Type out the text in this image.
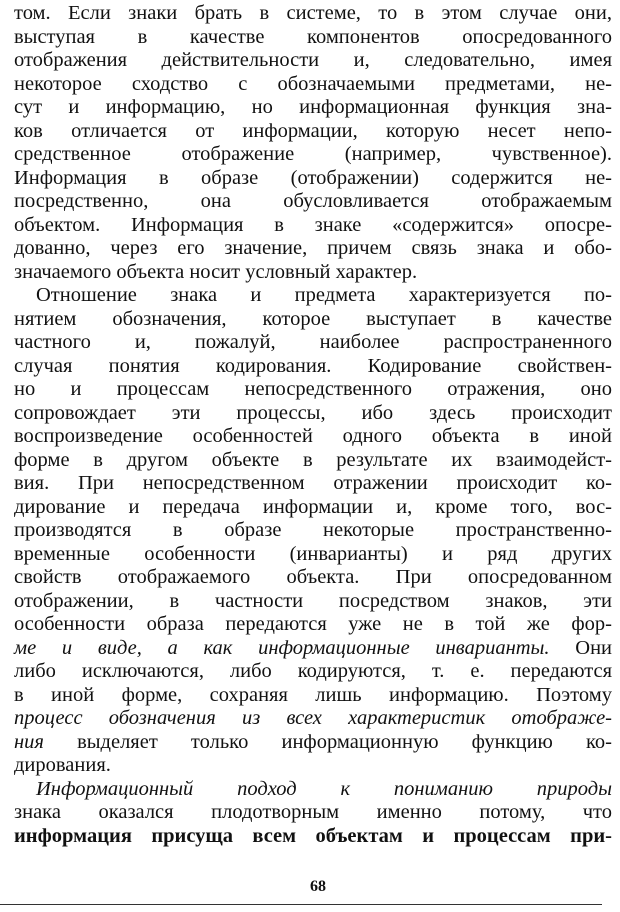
том. Если знаки брать в системе, то в этом случае они,
выступая в качестве компонентов опосредованного
отображения действительности и, следовательно, имея
некоторое сходство с обозначаемыми предметами, не-
сут и информацию, но информационная функция зна-
ков отличается от информации, которую несет непо-
средственное отображение (например, чувственное).
Информация в образе (отображении) содержится не-
посредственно, она обусловливается отображаемым
объектом. Информация в знаке «содержится» опосре-
дованно, через его значение, причем связь знака и обо-
значаемого объекта носит условный характер.
Отношение знака и предмета характеризуется по-
нятием обозначения, которое выступает в качестве
частного и, пожалуй, наиболее распространенного
случая понятия кодирования. Кодирование свойствен-
но и процессам непосредственного отражения, оно
сопровождает эти процессы, ибо здесь происходит
воспроизведение особенностей одного объекта в иной
форме в другом объекте в результате их взаимодейст-
вия. При непосредственном отражении происходит ко-
дирование и передача информации и, кроме того, вос-
производятся в образе некоторые пространственно-
временные особенности (инварианты) и ряд других
свойств отображаемого объекта. При опосредованном
отображении, в частности посредством знаков, эти
особенности образа передаются уже не в той же фор-
ме и виде, а как информационные инварианты. Они
либо исключаются, либо кодируются, т. е. передаются
в иной форме, сохраняя лишь информацию. Поэтому
процесс обозначения из всех характеристик отображе-
ния выделяет только информационную функцию ко-
дирования.
Информационный подход к пониманию природы
знака оказался плодотворным именно потому, что
информация присуща всем объектам и процессам при-
68
